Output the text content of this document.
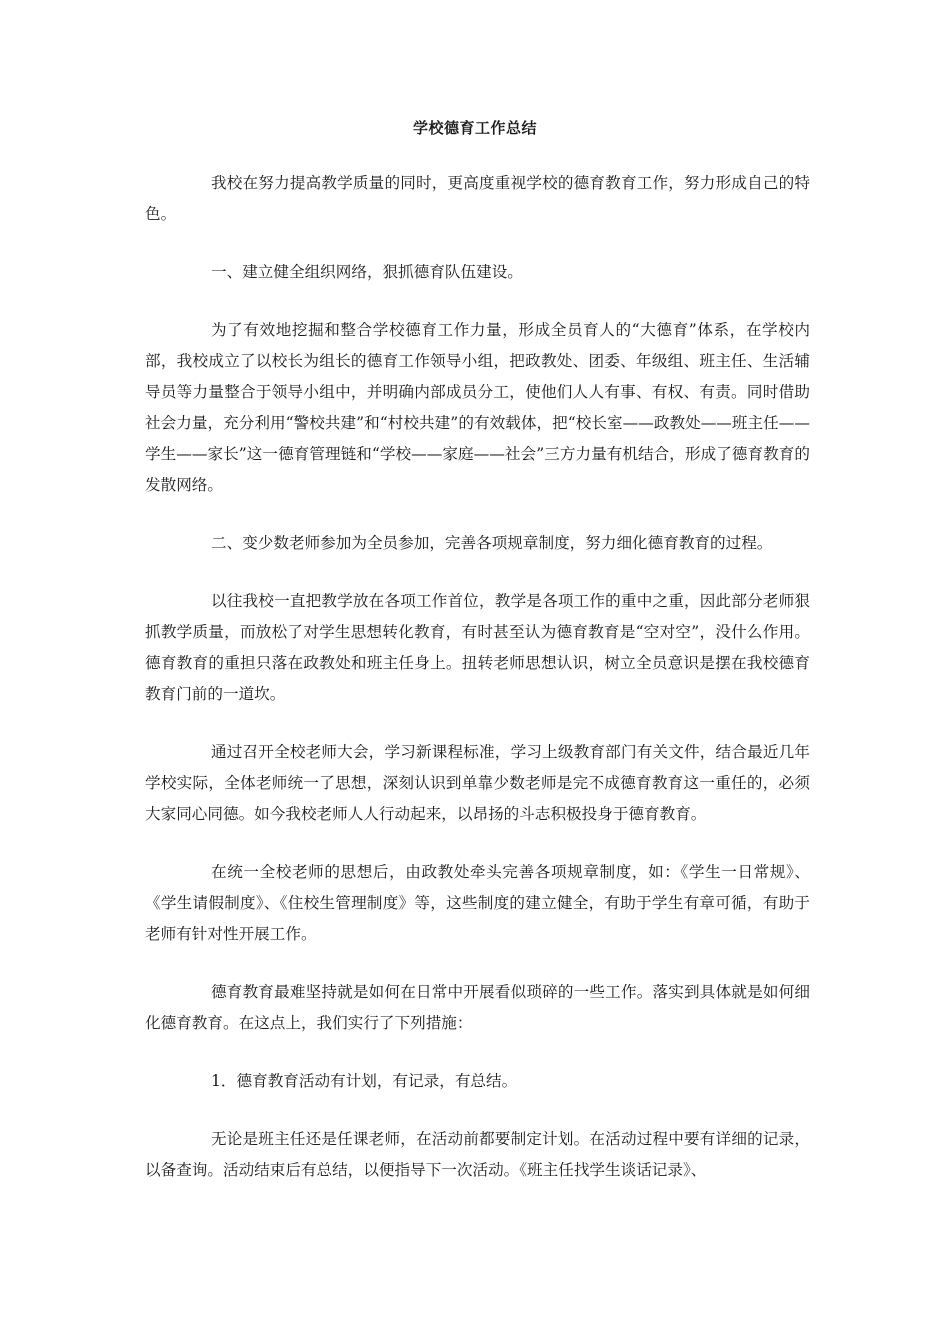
学校德育工作总结

我校在努力提高教学质量的同时，更高度重视学校的德育教育工作，努力形成自己的特色。

一、建立健全组织网络，狠抓德育队伍建设。

为了有效地挖掘和整合学校德育工作力量，形成全员育人的“大德育”体系，在学校内部，我校成立了以校长为组长的德育工作领导小组，把政教处、团委、年级组、班主任、生活辅导员等力量整合于领导小组中，并明确内部成员分工，使他们人人有事、有权、有责。同时借助社会力量，充分利用“警校共建”和“村校共建”的有效载体，把“校长室——政教处——班主任——学生——家长”这一德育管理链和“学校——家庭——社会”三方力量有机结合，形成了德育教育的发散网络。

二、变少数老师参加为全员参加，完善各项规章制度，努力细化德育教育的过程。

以往我校一直把教学放在各项工作首位，教学是各项工作的重中之重，因此部分老师狠抓教学质量，而放松了对学生思想转化教育，有时甚至认为德育教育是“空对空”，没什么作用。德育教育的重担只落在政教处和班主任身上。扭转老师思想认识，树立全员意识是摆在我校德育教育门前的一道坎。

通过召开全校老师大会，学习新课程标准，学习上级教育部门有关文件，结合最近几年学校实际，全体老师统一了思想，深刻认识到单靠少数老师是完不成德育教育这一重任的，必须大家同心同德。如今我校老师人人行动起来，以昂扬的斗志积极投身于德育教育。

在统一全校老师的思想后，由政教处牵头完善各项规章制度，如：《学生一日常规》、《学生请假制度》、《住校生管理制度》等，这些制度的建立健全，有助于学生有章可循，有助于老师有针对性开展工作。

德育教育最难坚持就是如何在日常中开展看似琐碎的一些工作。落实到具体就是如何细化德育教育。在这点上，我们实行了下列措施：

1．德育教育活动有计划，有记录，有总结。

无论是班主任还是任课老师，在活动前都要制定计划。在活动过程中要有详细的记录，以备查询。活动结束后有总结，以便指导下一次活动。《班主任找学生谈话记录》、
